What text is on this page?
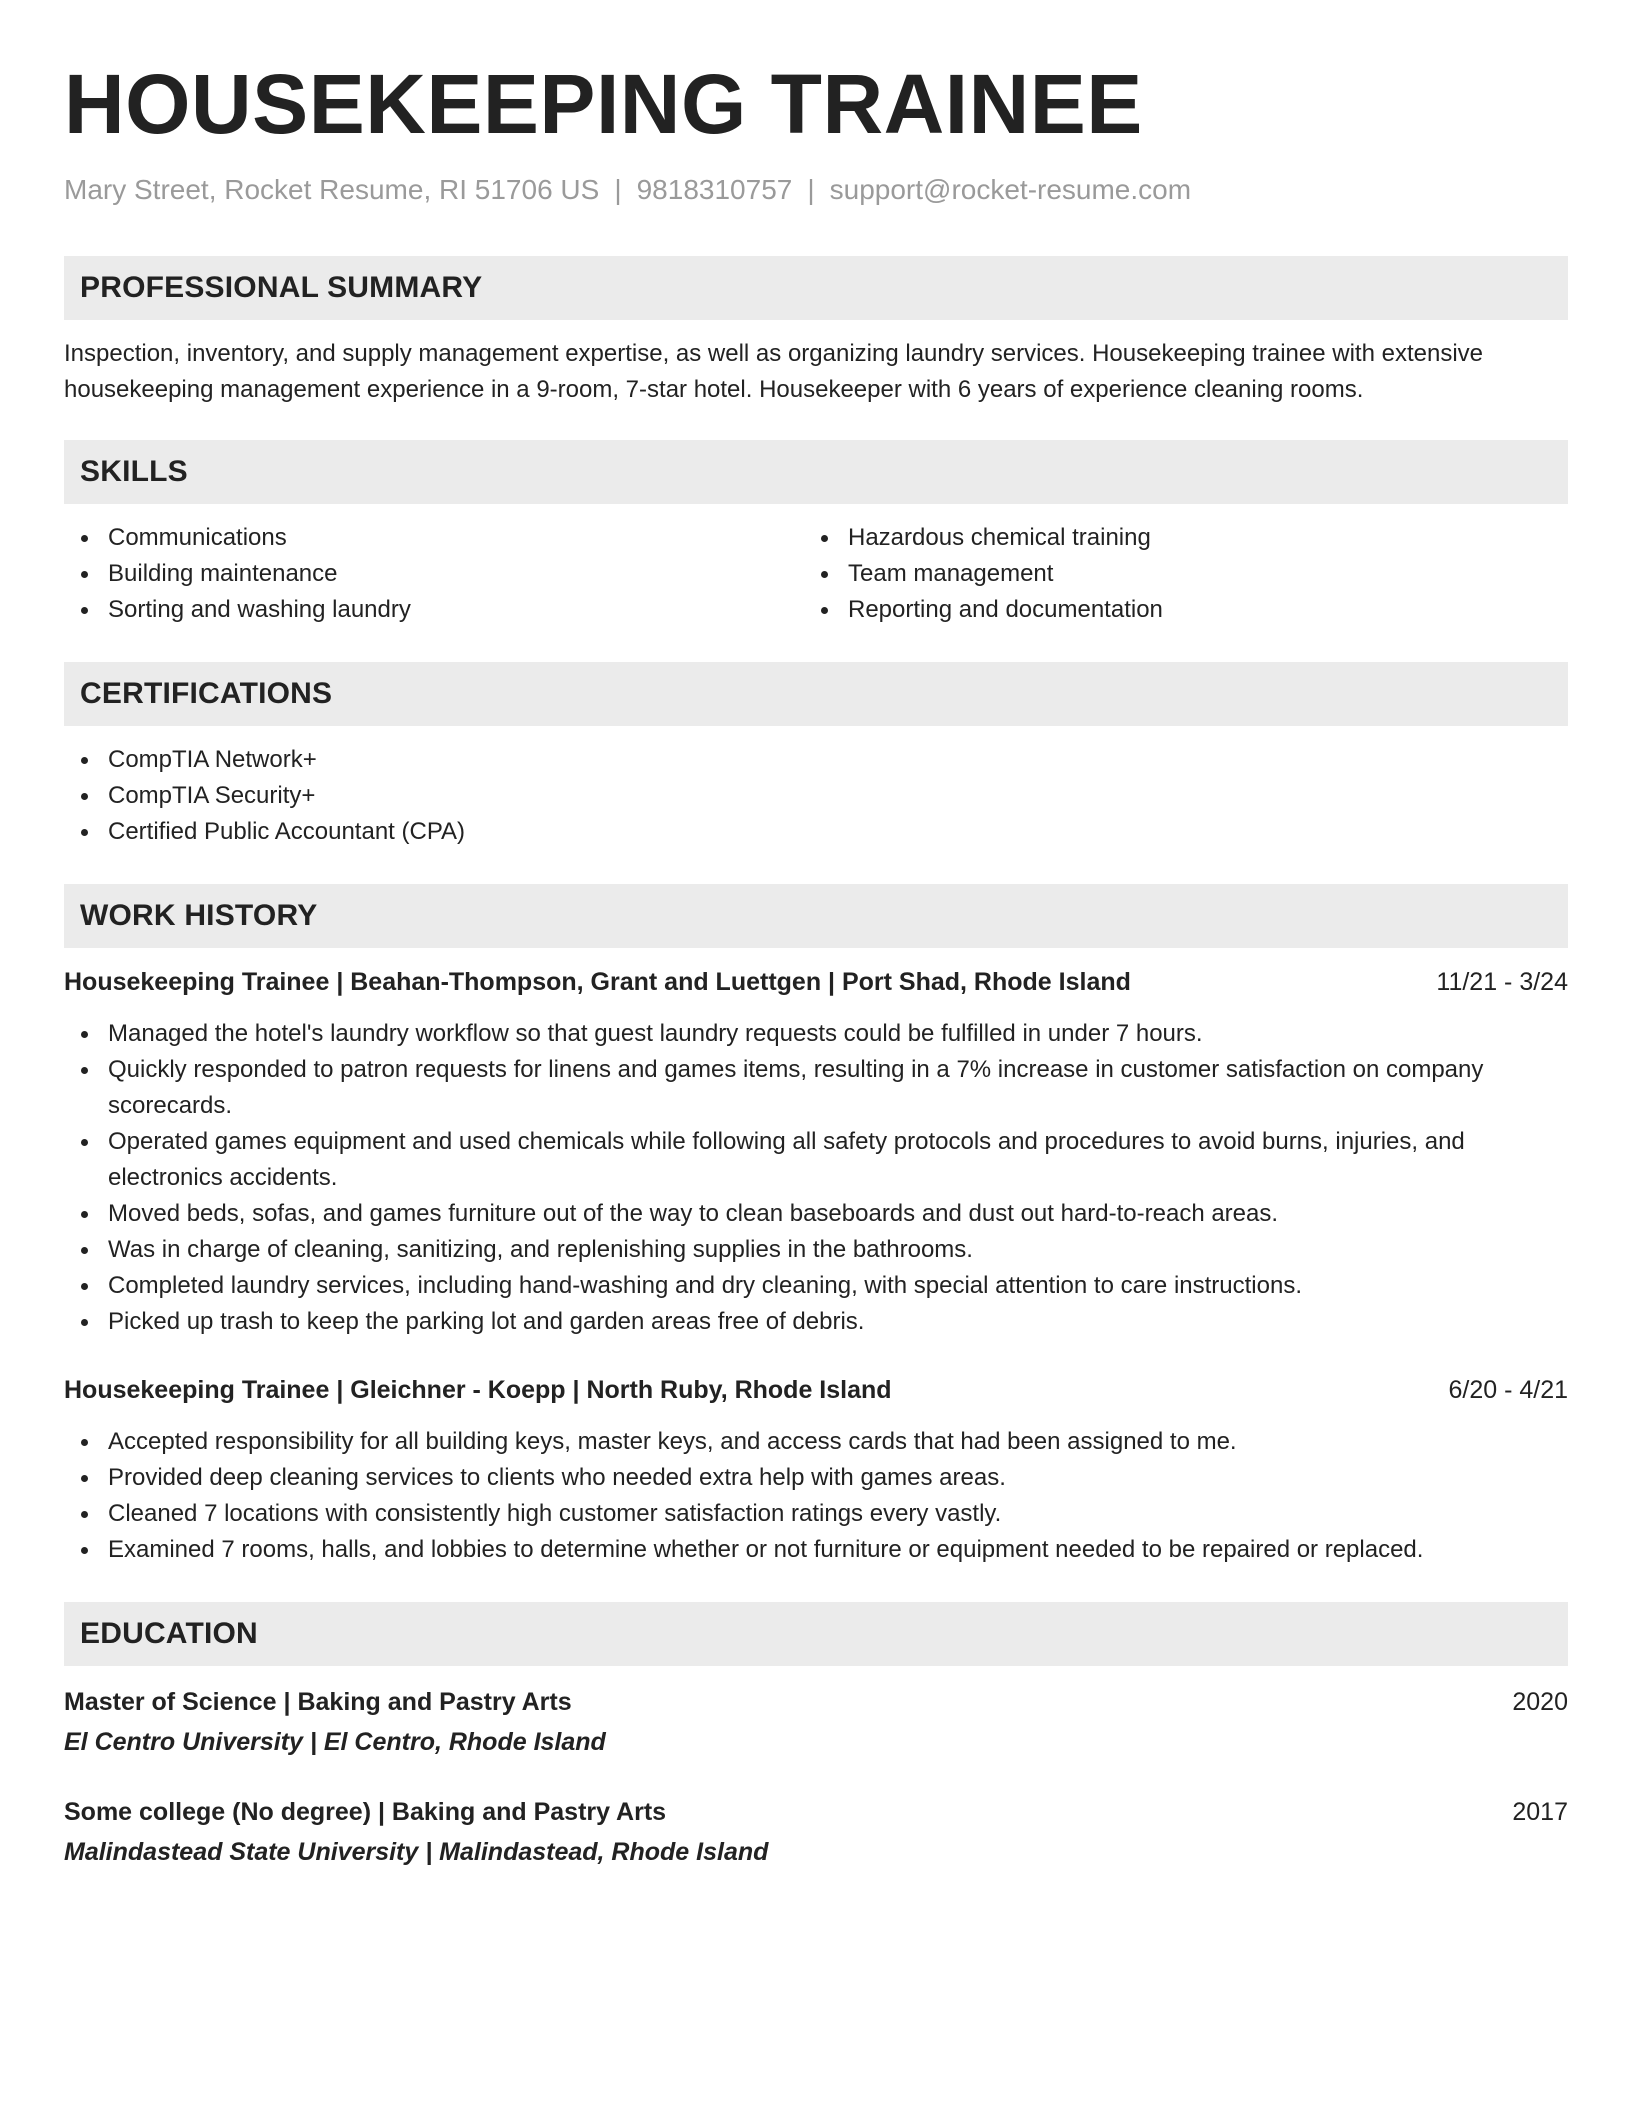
HOUSEKEEPING TRAINEE
Mary Street, Rocket Resume, RI 51706 US | 9818310757 | support@rocket-resume.com
PROFESSIONAL SUMMARY
Inspection, inventory, and supply management expertise, as well as organizing laundry services. Housekeeping trainee with extensive housekeeping management experience in a 9-room, 7-star hotel. Housekeeper with 6 years of experience cleaning rooms.
SKILLS
Communications
Building maintenance
Sorting and washing laundry
Hazardous chemical training
Team management
Reporting and documentation
CERTIFICATIONS
CompTIA Network+
CompTIA Security+
Certified Public Accountant (CPA)
WORK HISTORY
Housekeeping Trainee | Beahan-Thompson, Grant and Luettgen | Port Shad, Rhode Island	11/21 - 3/24
Managed the hotel's laundry workflow so that guest laundry requests could be fulfilled in under 7 hours.
Quickly responded to patron requests for linens and games items, resulting in a 7% increase in customer satisfaction on company scorecards.
Operated games equipment and used chemicals while following all safety protocols and procedures to avoid burns, injuries, and electronics accidents.
Moved beds, sofas, and games furniture out of the way to clean baseboards and dust out hard-to-reach areas.
Was in charge of cleaning, sanitizing, and replenishing supplies in the bathrooms.
Completed laundry services, including hand-washing and dry cleaning, with special attention to care instructions.
Picked up trash to keep the parking lot and garden areas free of debris.
Housekeeping Trainee | Gleichner - Koepp | North Ruby, Rhode Island	6/20 - 4/21
Accepted responsibility for all building keys, master keys, and access cards that had been assigned to me.
Provided deep cleaning services to clients who needed extra help with games areas.
Cleaned 7 locations with consistently high customer satisfaction ratings every vastly.
Examined 7 rooms, halls, and lobbies to determine whether or not furniture or equipment needed to be repaired or replaced.
EDUCATION
Master of Science | Baking and Pastry Arts	2020
El Centro University | El Centro, Rhode Island
Some college (No degree) | Baking and Pastry Arts	2017
Malindastead State University | Malindastead, Rhode Island
